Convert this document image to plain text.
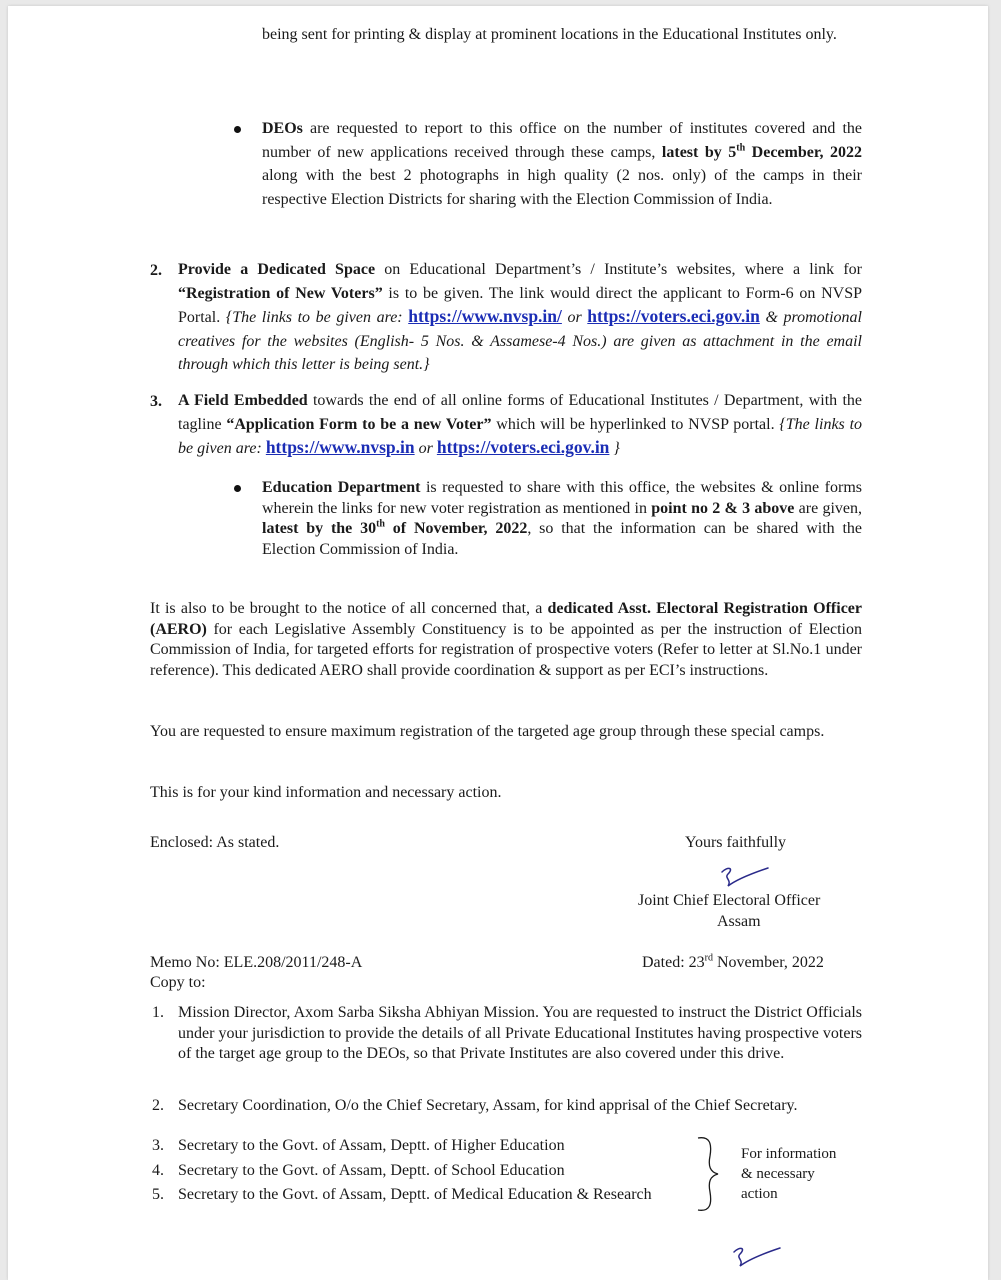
being sent for printing & display at prominent locations in the Educational Institutes only.
DEOs are requested to report to this office on the number of institutes covered and the number of new applications received through these camps, latest by 5th December, 2022 along with the best 2 photographs in high quality (2 nos. only) of the camps in their respective Election Districts for sharing with the Election Commission of India.
2. Provide a Dedicated Space on Educational Department’s / Institute’s websites, where a link for “Registration of New Voters” is to be given. The link would direct the applicant to Form-6 on NVSP Portal. {The links to be given are: https://www.nvsp.in/ or https://voters.eci.gov.in & promotional creatives for the websites (English- 5 Nos. & Assamese-4 Nos.) are given as attachment in the email through which this letter is being sent.}
3. A Field Embedded towards the end of all online forms of Educational Institutes / Department, with the tagline “Application Form to be a new Voter” which will be hyperlinked to NVSP portal. {The links to be given are: https://www.nvsp.in or https://voters.eci.gov.in }
Education Department is requested to share with this office, the websites & online forms wherein the links for new voter registration as mentioned in point no 2 & 3 above are given, latest by the 30th of November, 2022, so that the information can be shared with the Election Commission of India.
It is also to be brought to the notice of all concerned that, a dedicated Asst. Electoral Registration Officer (AERO) for each Legislative Assembly Constituency is to be appointed as per the instruction of Election Commission of India, for targeted efforts for registration of prospective voters (Refer to letter at Sl.No.1 under reference). This dedicated AERO shall provide coordination & support as per ECI’s instructions.
You are requested to ensure maximum registration of the targeted age group through these special camps.
This is for your kind information and necessary action.
Enclosed: As stated.	Yours faithfully
Joint Chief Electoral Officer
Assam
Memo No: ELE.208/2011/248-A	Dated: 23rd November, 2022
Copy to:
1. Mission Director, Axom Sarba Siksha Abhiyan Mission. You are requested to instruct the District Officials under your jurisdiction to provide the details of all Private Educational Institutes having prospective voters of the target age group to the DEOs, so that Private Institutes are also covered under this drive.
2. Secretary Coordination, O/o the Chief Secretary, Assam, for kind apprisal of the Chief Secretary.
3. Secretary to the Govt. of Assam, Deptt. of Higher Education
4. Secretary to the Govt. of Assam, Deptt. of School Education
5. Secretary to the Govt. of Assam, Deptt. of Medical Education & Research
For information
& necessary
action
